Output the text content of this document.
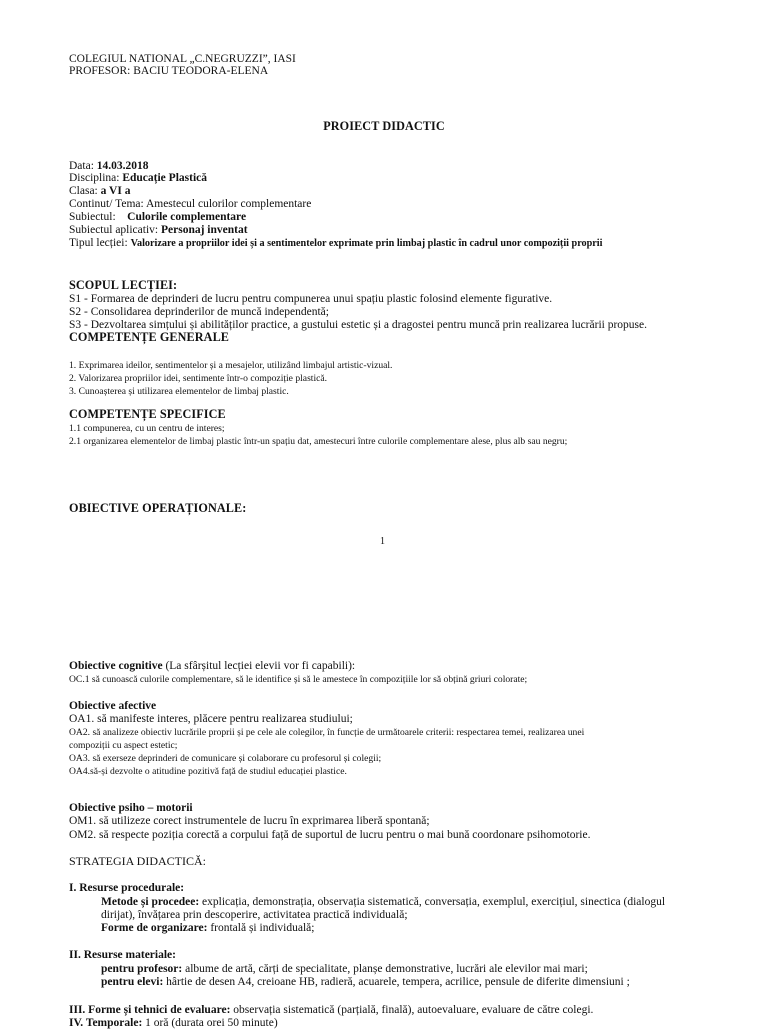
COLEGIUL NATIONAL „C.NEGRUZZI”, IASI
PROFESOR: BACIU TEODORA-ELENA
PROIECT DIDACTIC
Data: 14.03.2018
Disciplina: Educație Plastică
Clasa: a VI a
Continut/ Tema: Amestecul culorilor complementare
Subiectul:    Culorile complementare
Subiectul aplicativ: Personaj inventat
Tipul lecției: Valorizare a propriilor idei și a sentimentelor exprimate prin limbaj plastic în cadrul unor compoziții proprii
SCOPUL LECȚIEI:
S1 - Formarea de deprinderi de lucru pentru compunerea unui spațiu plastic folosind elemente figurative.
S2 - Consolidarea deprinderilor de muncă independentă;
S3 - Dezvoltarea simțului și abilităților practice, a gustului estetic și a dragostei pentru muncă prin realizarea lucrării propuse.
COMPETENȚE GENERALE
1. Exprimarea ideilor, sentimentelor și a mesajelor, utilizând limbajul artistic-vizual.
2. Valorizarea propriilor idei, sentimente într-o compoziție plastică.
3. Cunoașterea și utilizarea elementelor de limbaj plastic.
COMPETENȚE SPECIFICE
1.1 compunerea, cu un centru de interes;
2.1 organizarea elementelor de limbaj plastic într-un spațiu dat, amestecuri între culorile complementare alese, plus alb sau negru;
OBIECTIVE OPERAȚIONALE:
1
Obiective cognitive (La sfârșitul lecției elevii vor fi capabili):
OC.1 să cunoască culorile complementare, să le identifice și să le amestece în compozițiile lor să obțină griuri colorate;
Obiective afective
OA1. să manifeste interes, plăcere pentru realizarea studiului;
OA2. să analizeze obiectiv lucrările proprii și pe cele ale colegilor, în funcție de următoarele criterii: respectarea temei, realizarea unei
compoziții cu aspect estetic;
OA3. să exerseze deprinderi de comunicare și colaborare cu profesorul și colegii;
OA4.să-și dezvolte o atitudine pozitivă față de studiul educației plastice.
Obiective psiho – motorii
OM1. să utilizeze corect instrumentele de lucru în exprimarea liberă spontană;
OM2. să respecte poziția corectă a corpului față de suportul de lucru pentru o mai bună coordonare psihomotorie.
STRATEGIA DIDACTICĂ:
I. Resurse procedurale:
Metode și procedee: explicația, demonstrația, observația sistematică, conversația, exemplul, exercițiul, sinectica (dialogul
dirijat), învățarea prin descoperire, activitatea practică individuală;
Forme de organizare: frontală și individuală;
II. Resurse materiale:
pentru profesor: albume de artă, cărți de specialitate, planșe demonstrative, lucrări ale elevilor mai mari;
pentru elevi: hârtie de desen A4, creioane HB, radieră, acuarele, tempera, acrilice, pensule de diferite dimensiuni ;
III. Forme și tehnici de evaluare: observația sistematică (parțială, finală), autoevaluare, evaluare de către colegi.
IV. Temporale: 1 oră (durata orei 50 minute)
